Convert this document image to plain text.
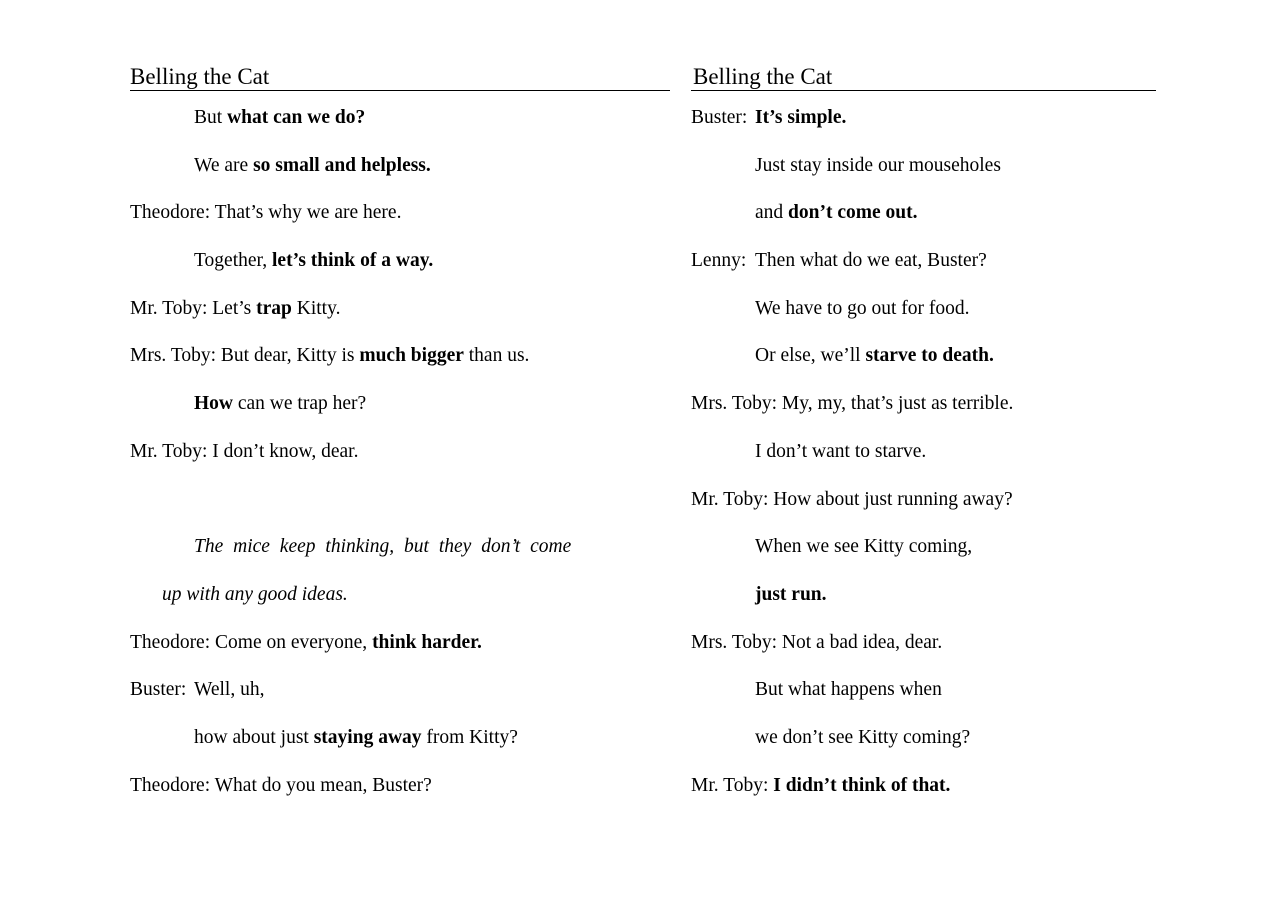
Belling the Cat
But what can we do?
We are so small and helpless.
Theodore: That’s why we are here.
Together, let’s think of a way.
Mr. Toby: Let’s trap Kitty.
Mrs. Toby: But dear, Kitty is much bigger than us.
How can we trap her?
Mr. Toby: I don’t know, dear.
The mice keep thinking, but they don’t come
up with any good ideas.
Theodore: Come on everyone, think harder.
Buster: Well, uh,
how about just staying away from Kitty?
Theodore: What do you mean, Buster?
Belling the Cat
Buster: It’s simple.
Just stay inside our mouseholes
and don’t come out.
Lenny: Then what do we eat, Buster?
We have to go out for food.
Or else, we’ll starve to death.
Mrs. Toby: My, my, that’s just as terrible.
I don’t want to starve.
Mr. Toby: How about just running away?
When we see Kitty coming,
just run.
Mrs. Toby: Not a bad idea, dear.
But what happens when
we don’t see Kitty coming?
Mr. Toby: I didn’t think of that.
